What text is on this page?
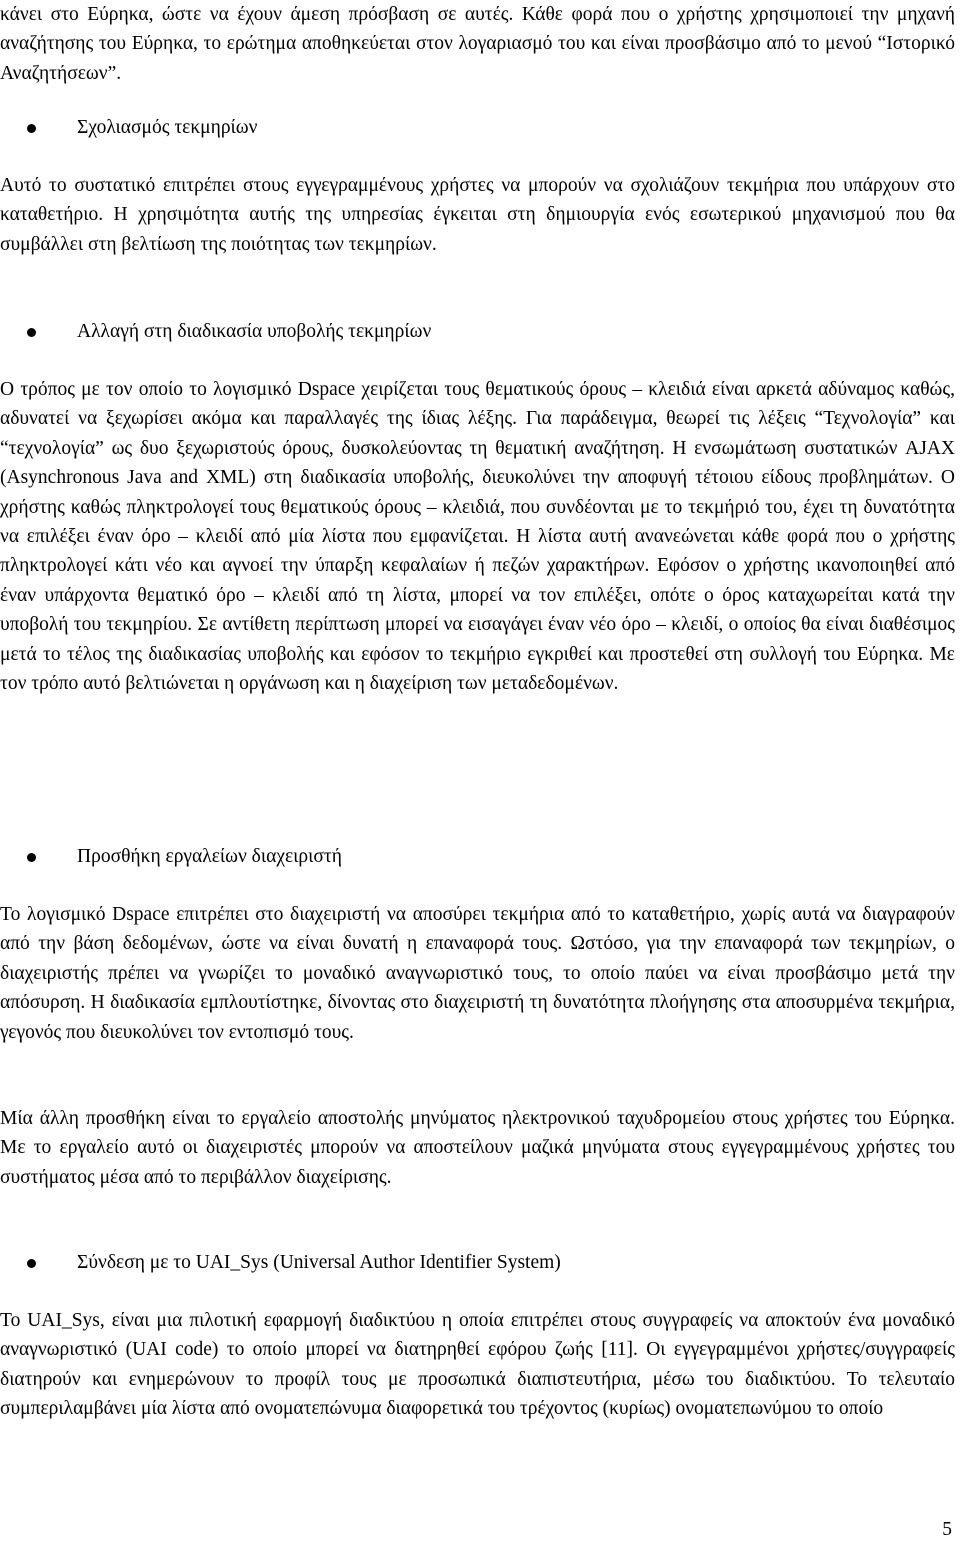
κάνει στο Εύρηκα, ώστε να έχουν άμεση πρόσβαση σε αυτές. Κάθε φορά που ο χρήστης χρησιμοποιεί την μηχανή αναζήτησης του Εύρηκα, το ερώτημα αποθηκεύεται στον λογαριασμό του και είναι προσβάσιμο από το μενού “Ιστορικό Αναζητήσεων”.

Σχολιασμός τεκμηρίων

Αυτό το συστατικό επιτρέπει στους εγγεγραμμένους χρήστες να μπορούν να σχολιάζουν τεκμήρια που υπάρχουν στο καταθετήριο. Η χρησιμότητα αυτής της υπηρεσίας έγκειται στη δημιουργία ενός εσωτερικού μηχανισμού που θα συμβάλλει στη βελτίωση της ποιότητας των τεκμηρίων.

Αλλαγή στη διαδικασία υποβολής τεκμηρίων

Ο τρόπος με τον οποίο το λογισμικό Dspace χειρίζεται τους θεματικούς όρους – κλειδιά είναι αρκετά αδύναμος καθώς, αδυνατεί να ξεχωρίσει ακόμα και παραλλαγές της ίδιας λέξης. Για παράδειγμα, θεωρεί τις λέξεις “Τεχνολογία” και “τεχνολογία” ως δυο ξεχωριστούς όρους, δυσκολεύοντας τη θεματική αναζήτηση. Η ενσωμάτωση συστατικών AJAX (Asynchronous Java and XML) στη διαδικασία υποβολής, διευκολύνει την αποφυγή τέτοιου είδους προβλημάτων. Ο χρήστης καθώς πληκτρολογεί τους θεματικούς όρους – κλειδιά, που συνδέονται με το τεκμήριό του, έχει τη δυνατότητα να επιλέξει έναν όρο – κλειδί από μία λίστα που εμφανίζεται. Η λίστα αυτή ανανεώνεται κάθε φορά που ο χρήστης πληκτρολογεί κάτι νέο και αγνοεί την ύπαρξη κεφαλαίων ή πεζών χαρακτήρων. Εφόσον ο χρήστης ικανοποιηθεί από έναν υπάρχοντα θεματικό όρο – κλειδί από τη λίστα, μπορεί να τον επιλέξει, οπότε ο όρος καταχωρείται κατά την υποβολή του τεκμηρίου. Σε αντίθετη περίπτωση μπορεί να εισαγάγει έναν νέο όρο – κλειδί, ο οποίος θα είναι διαθέσιμος μετά το τέλος της διαδικασίας υποβολής και εφόσον το τεκμήριο εγκριθεί και προστεθεί στη συλλογή του Εύρηκα. Με τον τρόπο αυτό βελτιώνεται η οργάνωση και η διαχείριση των μεταδεδομένων.

Προσθήκη εργαλείων διαχειριστή

Το λογισμικό Dspace επιτρέπει στο διαχειριστή να αποσύρει τεκμήρια από το καταθετήριο, χωρίς αυτά να διαγραφούν από την βάση δεδομένων, ώστε να είναι δυνατή η επαναφορά τους. Ωστόσο, για την επαναφορά των τεκμηρίων, ο διαχειριστής πρέπει να γνωρίζει το μοναδικό αναγνωριστικό τους, το οποίο παύει να είναι προσβάσιμο μετά την απόσυρση. Η διαδικασία εμπλουτίστηκε, δίνοντας στο διαχειριστή τη δυνατότητα πλοήγησης στα αποσυρμένα τεκμήρια, γεγονός που διευκολύνει τον εντοπισμό τους.

Μία άλλη προσθήκη είναι το εργαλείο αποστολής μηνύματος ηλεκτρονικού ταχυδρομείου στους χρήστες του Εύρηκα. Με το εργαλείο αυτό οι διαχειριστές μπορούν να αποστείλουν μαζικά μηνύματα στους εγγεγραμμένους χρήστες του συστήματος μέσα από το περιβάλλον διαχείρισης.

Σύνδεση με το UAI_Sys (Universal Author Identifier System)

Το UAI_Sys, είναι μια πιλοτική εφαρμογή διαδικτύου η οποία επιτρέπει στους συγγραφείς να αποκτούν ένα μοναδικό αναγνωριστικό (UAI code) το οποίο μπορεί να διατηρηθεί εφόρου ζωής [11]. Οι εγγεγραμμένοι χρήστες/συγγραφείς διατηρούν και ενημερώνουν το προφίλ τους με προσωπικά διαπιστευτήρια, μέσω του διαδικτύου. Το τελευταίο συμπεριλαμβάνει μία λίστα από ονοματεπώνυμα διαφορετικά του τρέχοντος (κυρίως) ονοματεπωνύμου το οποίο

5
